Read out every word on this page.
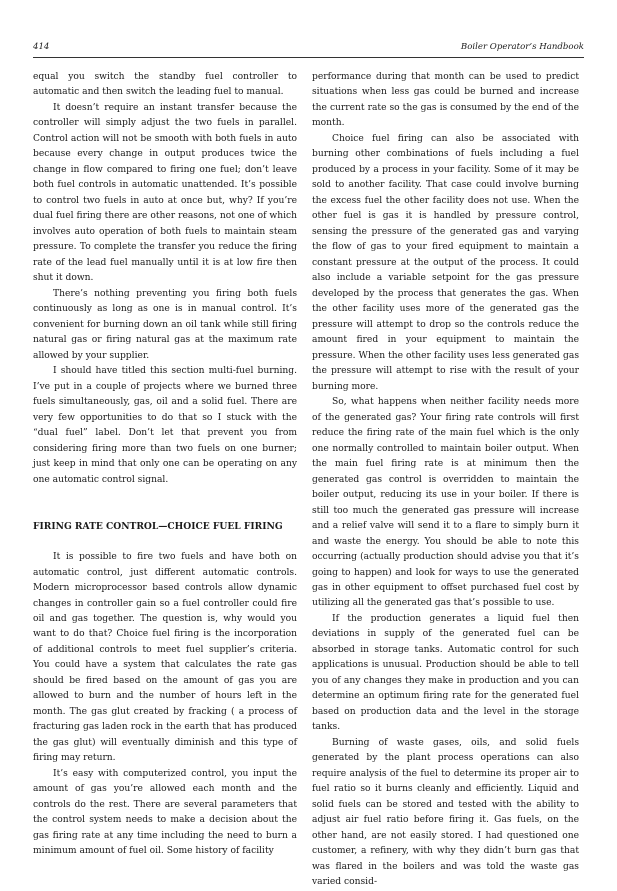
414	Boiler Operator’s Handbook

equal you switch the standby fuel controller to automatic and then switch the leading fuel to manual.

It doesn’t require an instant transfer because the controller will simply adjust the two fuels in parallel. Control action will not be smooth with both fuels in auto because every change in output produces twice the change in flow compared to firing one fuel; don’t leave both fuel controls in automatic unattended. It’s possible to control two fuels in auto at once but, why? If you’re dual fuel firing there are other reasons, not one of which involves auto operation of both fuels to maintain steam pressure. To complete the transfer you reduce the firing rate of the lead fuel manually until it is at low fire then shut it down.

There’s nothing preventing you firing both fuels continuously as long as one is in manual control. It’s convenient for burning down an oil tank while still firing natural gas or firing natural gas at the maximum rate allowed by your supplier.

I should have titled this section multi-fuel burning. I’ve put in a couple of projects where we burned three fuels simultaneously, gas, oil and a solid fuel. There are very few opportunities to do that so I stuck with the “dual fuel” label. Don’t let that prevent you from considering firing more than two fuels on one burner; just keep in mind that only one can be operating on any one automatic control signal.

FIRING RATE CONTROL—CHOICE FUEL FIRING

It is possible to fire two fuels and have both on automatic control, just different automatic controls. Modern microprocessor based controls allow dynamic changes in controller gain so a fuel controller could fire oil and gas together. The question is, why would you want to do that? Choice fuel firing is the incorporation of additional controls to meet fuel supplier’s criteria. You could have a system that calculates the rate gas should be fired based on the amount of gas you are allowed to burn and the number of hours left in the month. The gas glut created by fracking ( a process of fracturing gas laden rock in the earth that has produced the gas glut) will eventually diminish and this type of firing may return.

It’s easy with computerized control, you input the amount of gas you’re allowed each month and the controls do the rest. There are several parameters that the control system needs to make a decision about the gas firing rate at any time including the need to burn a minimum amount of fuel oil. Some history of facility

performance during that month can be used to predict situations when less gas could be burned and increase the current rate so the gas is consumed by the end of the month.

Choice fuel firing can also be associated with burning other combinations of fuels including a fuel produced by a process in your facility. Some of it may be sold to another facility. That case could involve burning the excess fuel the other facility does not use. When the other fuel is gas it is handled by pressure control, sensing the pressure of the generated gas and varying the flow of gas to your fired equipment to maintain a constant pressure at the output of the process. It could also include a variable setpoint for the gas pressure developed by the process that generates the gas. When the other facility uses more of the generated gas the pressure will attempt to drop so the controls reduce the amount fired in your equipment to maintain the pressure. When the other facility uses less generated gas the pressure will attempt to rise with the result of your burning more.

So, what happens when neither facility needs more of the generated gas? Your firing rate controls will first reduce the firing rate of the main fuel which is the only one normally controlled to maintain boiler output. When the main fuel firing rate is at minimum then the generated gas control is overridden to maintain the boiler output, reducing its use in your boiler. If there is still too much the generated gas pressure will increase and a relief valve will send it to a flare to simply burn it and waste the energy. You should be able to note this occurring (actually production should advise you that it’s going to happen) and look for ways to use the generated gas in other equipment to offset purchased fuel cost by utilizing all the generated gas that’s possible to use.

If the production generates a liquid fuel then deviations in supply of the generated fuel can be absorbed in storage tanks. Automatic control for such applications is unusual. Production should be able to tell you of any changes they make in production and you can determine an optimum firing rate for the generated fuel based on production data and the level in the storage tanks.

Burning of waste gases, oils, and solid fuels generated by the plant process operations can also require analysis of the fuel to determine its proper air to fuel ratio so it burns cleanly and efficiently. Liquid and solid fuels can be stored and tested with the ability to adjust air fuel ratio before firing it. Gas fuels, on the other hand, are not easily stored. I had questioned one customer, a refinery, with why they didn’t burn gas that was flared in the boilers and was told the waste gas varied consid-
